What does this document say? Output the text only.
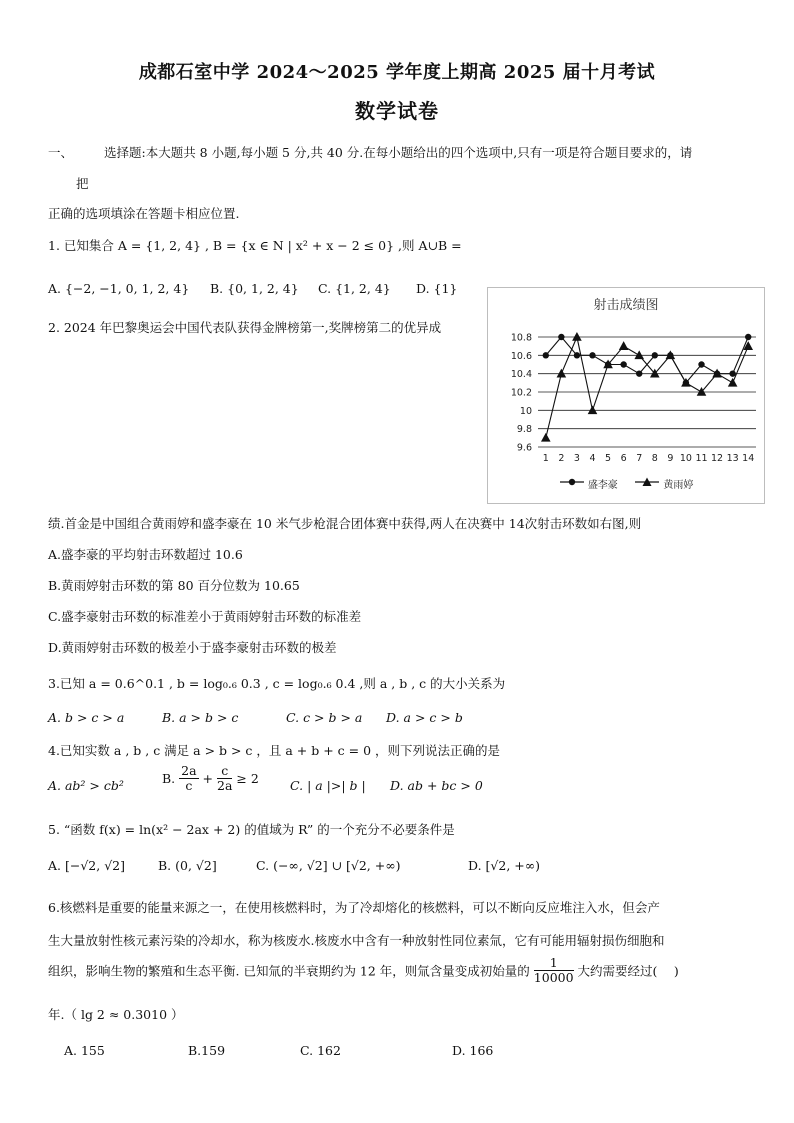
成都石室中学 2024～2025 学年度上期高 2025 届十月考试
数学试卷
一、 选择题:本大题共 8 小题,每小题 5 分,共 40 分.在每小题给出的四个选项中,只有一项是符合题目要求的，请
把
正确的选项填涂在答题卡相应位置.
1. 已知集合 A = {1, 2, 4} , B = {x ∈ N | x² + x − 2 ≤ 0} ,则 A∪B =
A. {−2, −1, 0, 1, 2, 4} B. {0, 1, 2, 4} C. {1, 2, 4} D. {1}
2. 2024 年巴黎奥运会中国代表队获得金牌榜第一,奖牌榜第二的优异成
射击成绩图
10.8
10.6
10.4
10.2
10
9.8
9.6
1 2 3 4 5 6 7 8 9 10 11 12 13 14
盛李豪	黄雨婷
绩.首金是中国组合黄雨婷和盛李豪在 10 米气步枪混合团体赛中获得,两人在决赛中 14次射击环数如右图,则
A.盛李豪的平均射击环数超过 10.6
B.黄雨婷射击环数的第 80 百分位数为 10.65
C.盛李豪射击环数的标准差小于黄雨婷射击环数的标准差
D.黄雨婷射击环数的极差小于盛李豪射击环数的极差
3.已知 a = 0.6^0.1 , b = log₀.₆ 0.3 , c = log₀.₆ 0.4 ,则 a , b , c 的大小关系为
A. b > c > a	B. a > b > c	C. c > b > a D. a > c > b
4.已知实数 a , b , c 满足 a > b > c ，且 a + b + c = 0 ，则下列说法正确的是
A. ab² > cb²	B. $\frac{2a}{c} + \frac{c}{2a} \ge 2$ C. | a |>| b | D. ab + bc > 0
5. “函数 f(x) = ln(x² − 2ax + 2) 的值域为 R” 的一个充分不必要条件是
A. [−√2, √2]	B. (0, √2]	C. (−∞, √2] ∪ [√2, +∞)	D. [√2, +∞)
6.核燃料是重要的能量来源之一，在使用核燃料时，为了冷却熔化的核燃料，可以不断向反应堆注入水，但会产
生大量放射性核元素污染的冷却水，称为核废水.核废水中含有一种放射性同位素氚，它有可能用辐射损伤细胞和
组织，影响生物的繁殖和生态平衡. 已知氚的半衰期约为 12 年，则氚含量变成初始量的 $\frac{1}{10000}$ 大约需要经过(　 )
年.（ lg 2 ≈ 0.3010 ）
A. 155	B.159	C. 162	D. 166
